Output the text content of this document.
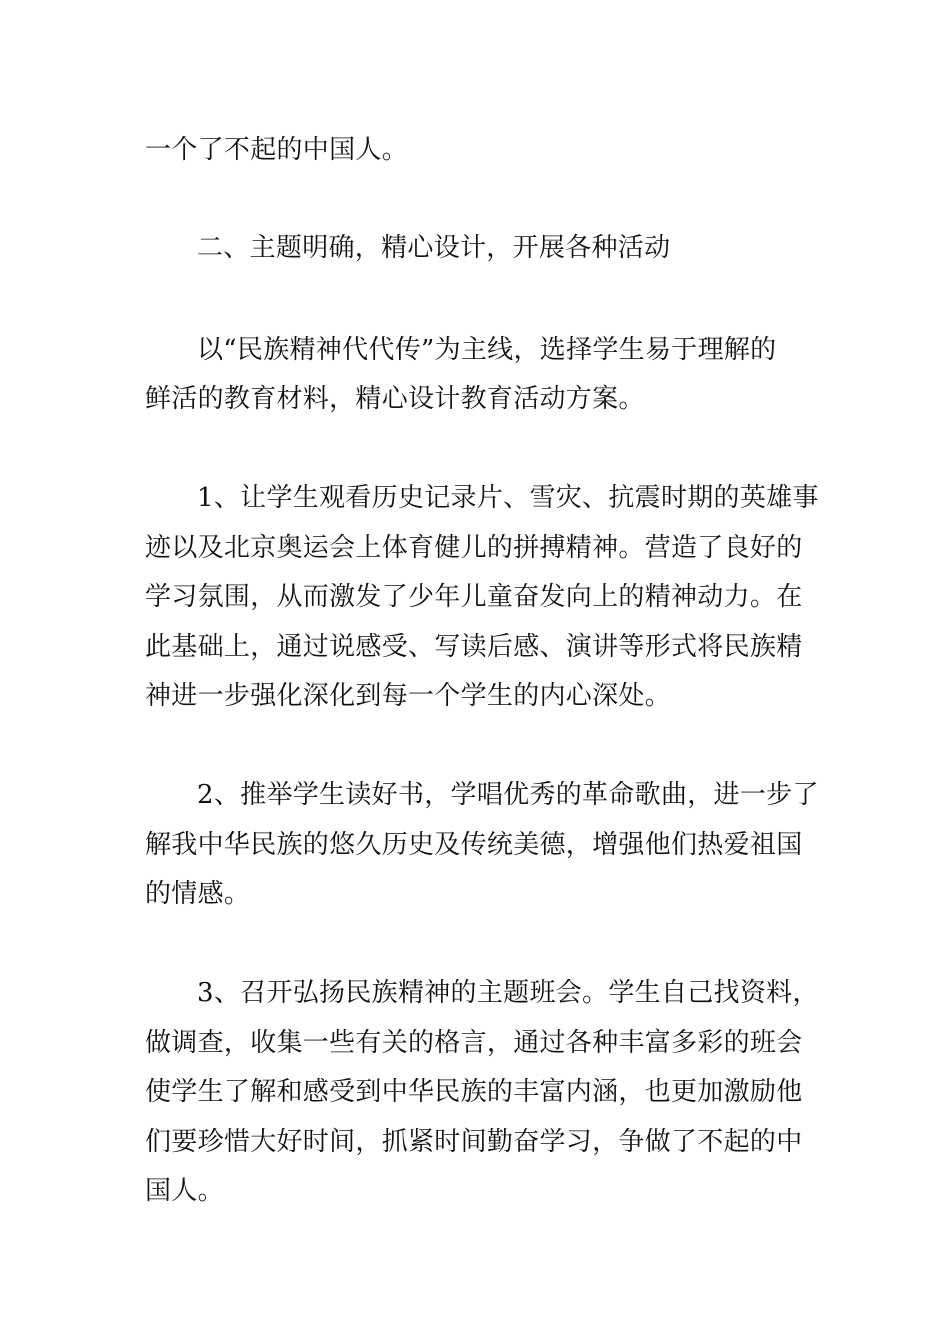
一个了不起的中国人。
二、主题明确，精心设计，开展各种活动
以“民族精神代代传”为主线，选择学生易于理解的
鲜活的教育材料，精心设计教育活动方案。
1、让学生观看历史记录片、雪灾、抗震时期的英雄事
迹以及北京奥运会上体育健儿的拼搏精神。营造了良好的
学习氛围，从而激发了少年儿童奋发向上的精神动力。在
此基础上，通过说感受、写读后感、演讲等形式将民族精
神进一步强化深化到每一个学生的内心深处。
2、推举学生读好书，学唱优秀的革命歌曲，进一步了
解我中华民族的悠久历史及传统美德，增强他们热爱祖国
的情感。
3、召开弘扬民族精神的主题班会。学生自己找资料，
做调查，收集一些有关的格言，通过各种丰富多彩的班会
使学生了解和感受到中华民族的丰富内涵，也更加激励他
们要珍惜大好时间，抓紧时间勤奋学习，争做了不起的中
国人。
